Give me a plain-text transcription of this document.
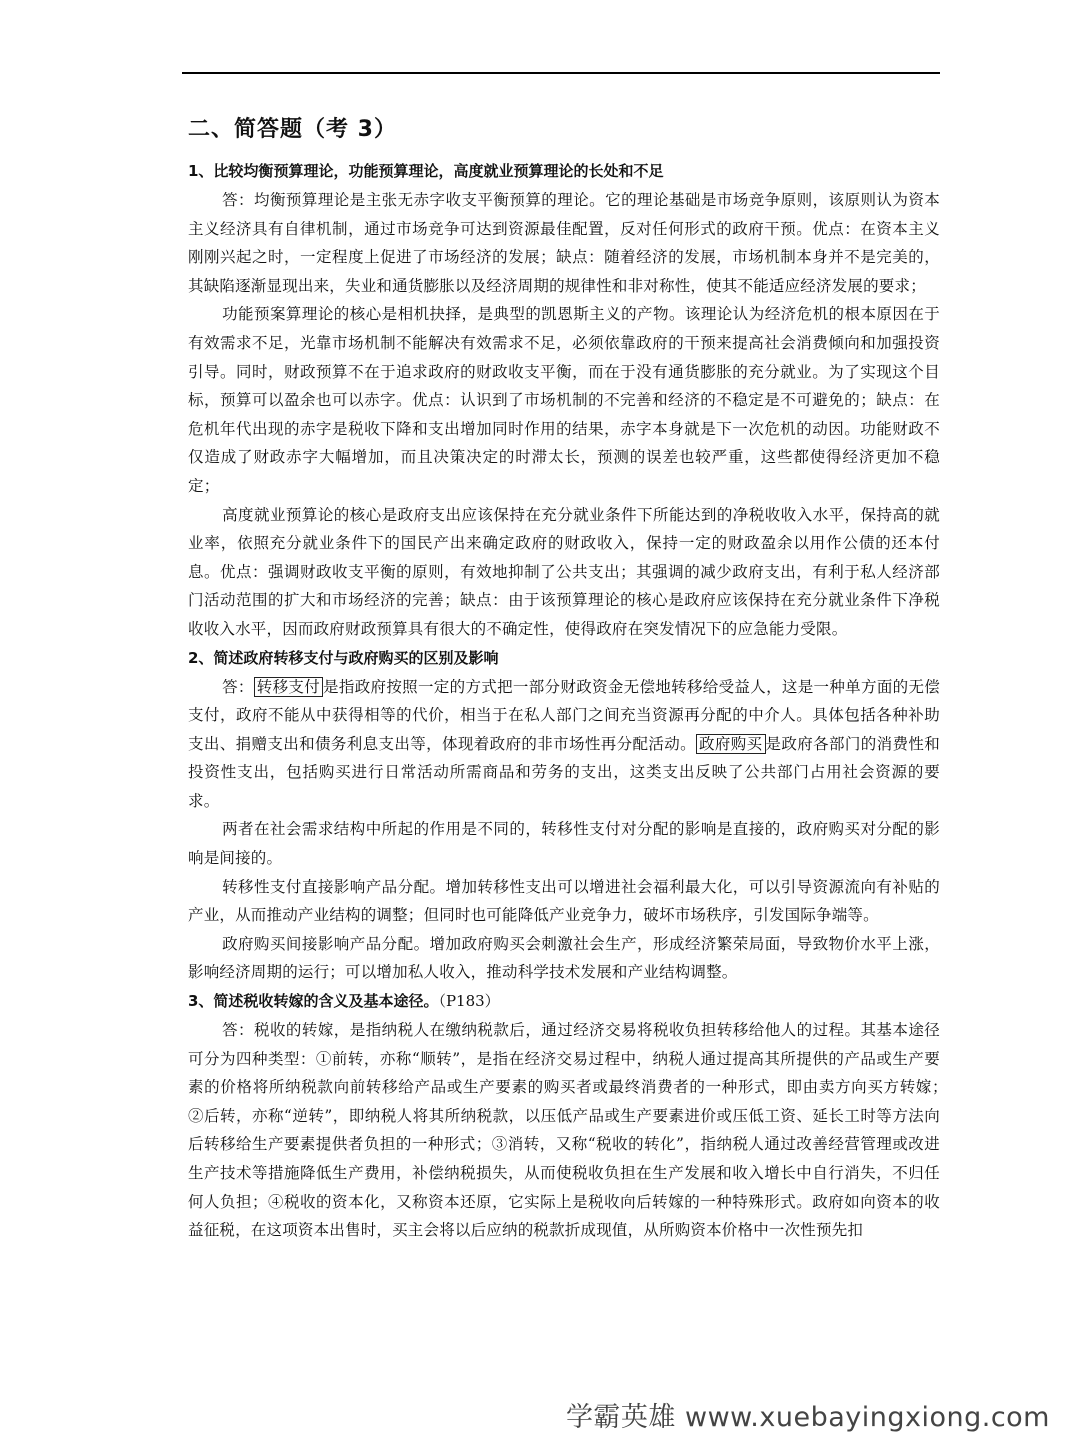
二、简答题（考 3）
1、比较均衡预算理论，功能预算理论，高度就业预算理论的长处和不足

答：均衡预算理论是主张无赤字收支平衡预算的理论。它的理论基础是市场竞争原则，该原则认为资本主义经济具有自律机制，通过市场竞争可达到资源最佳配置，反对任何形式的政府干预。优点：在资本主义刚刚兴起之时，一定程度上促进了市场经济的发展；缺点：随着经济的发展，市场机制本身并不是完美的，其缺陷逐渐显现出来，失业和通货膨胀以及经济周期的规律性和非对称性，使其不能适应经济发展的要求；

功能预案算理论的核心是相机抉择，是典型的凯恩斯主义的产物。该理论认为经济危机的根本原因在于有效需求不足，光靠市场机制不能解决有效需求不足，必须依靠政府的干预来提高社会消费倾向和加强投资引导。同时，财政预算不在于追求政府的财政收支平衡，而在于没有通货膨胀的充分就业。为了实现这个目标，预算可以盈余也可以赤字。优点：认识到了市场机制的不完善和经济的不稳定是不可避免的；缺点：在危机年代出现的赤字是税收下降和支出增加同时作用的结果，赤字本身就是下一次危机的动因。功能财政不仅造成了财政赤字大幅增加，而且决策决定的时滞太长，预测的误差也较严重，这些都使得经济更加不稳定；

高度就业预算论的核心是政府支出应该保持在充分就业条件下所能达到的净税收收入水平，保持高的就业率，依照充分就业条件下的国民产出来确定政府的财政收入，保持一定的财政盈余以用作公债的还本付息。优点：强调财政收支平衡的原则，有效地抑制了公共支出；其强调的减少政府支出，有利于私人经济部门活动范围的扩大和市场经济的完善；缺点：由于该预算理论的核心是政府应该保持在充分就业条件下净税收收入水平，因而政府财政预算具有很大的不确定性，使得政府在突发情况下的应急能力受限。

2、简述政府转移支付与政府购买的区别及影响

答： 转移支付 是指政府按照一定的方式把一部分财政资金无偿地转移给受益人，这是一种单方面的无偿支付，政府不能从中获得相等的代价，相当于在私人部门之间充当资源再分配的中介人。具体包括各种补助支出、捐赠支出和债务利息支出等，体现着政府的非市场性再分配活动。 政府购买 是政府各部门的消费性和投资性支出，包括购买进行日常活动所需商品和劳务的支出，这类支出反映了公共部门占用社会资源的要求。

两者在社会需求结构中所起的作用是不同的，转移性支付对分配的影响是直接的，政府购买对分配的影响是间接的。

转移性支付直接影响产品分配。增加转移性支出可以增进社会福利最大化，可以引导资源流向有补贴的产业，从而推动产业结构的调整；但同时也可能降低产业竞争力，破坏市场秩序，引发国际争端等。

政府购买间接影响产品分配。增加政府购买会刺激社会生产，形成经济繁荣局面，导致物价水平上涨，影响经济周期的运行；可以增加私人收入，推动科学技术发展和产业结构调整。

3、简述税收转嫁的含义及基本途径。（P183）

答：税收的转嫁，是指纳税人在缴纳税款后，通过经济交易将税收负担转移给他人的过程。其基本途径可分为四种类型：①前转，亦称“顺转”，是指在经济交易过程中，纳税人通过提高其所提供的产品或生产要素的价格将所纳税款向前转移给产品或生产要素的购买者或最终消费者的一种形式，即由卖方向买方转嫁；　②后转，亦称“逆转”，即纳税人将其所纳税款，以压低产品或生产要素进价或压低工资、延长工时等方法向后转移给生产要素提供者负担的一种形式；③消转，又称“税收的转化”，指纳税人通过改善经营管理或改进生产技术等措施降低生产费用，补偿纳税损失，从而使税收负担在生产发展和收入增长中自行消失，不归任何人负担；④税收的资本化，又称资本还原，它实际上是税收向后转嫁的一种特殊形式。政府如向资本的收益征税，在这项资本出售时，买主会将以后应纳的税款折成现值，从所购资本价格中一次性预先扣

学霸英雄 www.xuebayingxiong.com
